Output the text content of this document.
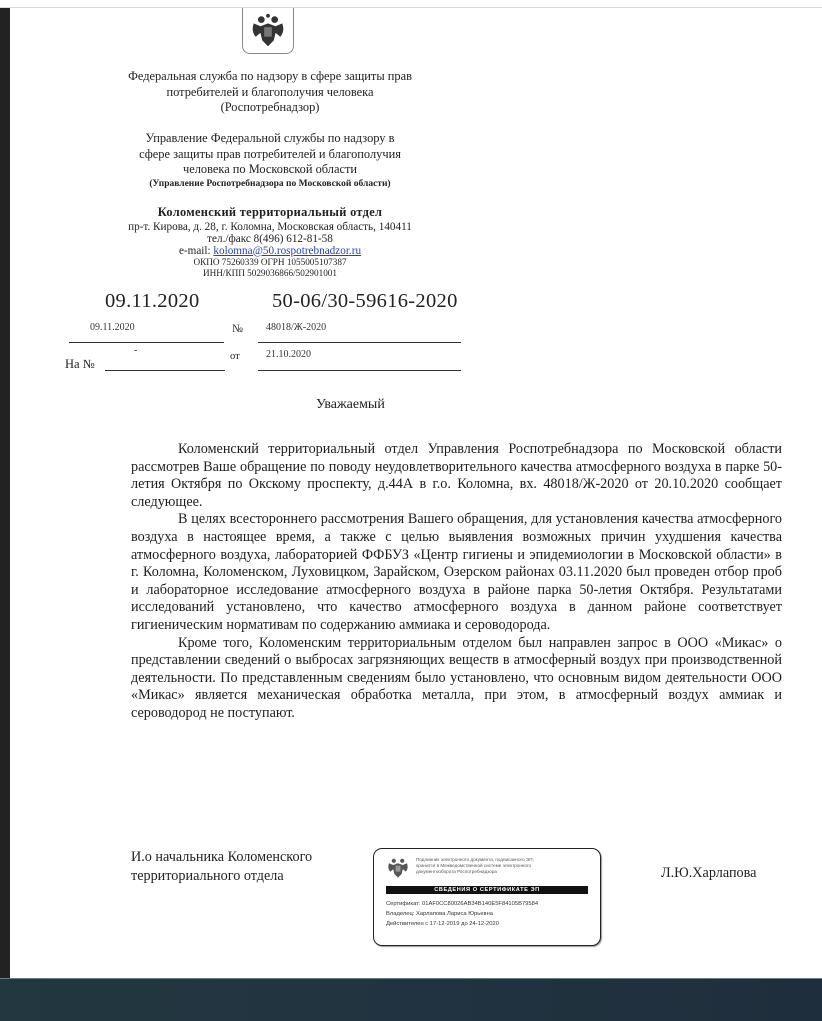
Федеральная служба по надзору в сфере защиты прав
потребителей и благополучия человека
(Роспотребнадзор)
Управление Федеральной службы по надзору в
сфере защиты прав потребителей и благополучия
человека по Московской области
(Управление Роспотребнадзора по Московской области)
Коломенский территориальный отдел
пр-т. Кирова, д. 28, г. Коломна, Московская область, 140411
тел./факс 8(496) 612-81-58
e-mail: kolomna@50.rospotrebnadzor.ru
ОКПО 75260339 ОГРН 1055005107387
ИНН/КПП 5029036866/502901001
09.11.2020	50-06/30-59616-2020
09.11.2020	№ 48018/Ж-2020
На №
-
от	21.10.2020
Уважаемый

Коломенский территориальный отдел Управления Роспотребнадзора по Московской области рассмотрев Ваше обращение по поводу неудовлетворительного качества атмосферного воздуха в парке 50-летия Октября по Окскому проспекту, д.44А в г.о. Коломна, вх. 48018/Ж-2020 от 20.10.2020 сообщает следующее.

В целях всестороннего рассмотрения Вашего обращения, для установления качества атмосферного воздуха в настоящее время, а также с целью выявления возможных причин ухудшения качества атмосферного воздуха, лабораторией ФФБУЗ «Центр гигиены и эпидемиологии в Московской области» в г. Коломна, Коломенском, Луховицком, Зарайском, Озерском районах 03.11.2020 был проведен отбор проб и лабораторное исследование атмосферного воздуха в районе парка 50-летия Октября. Результатами исследований установлено, что качество атмосферного воздуха в данном районе соответствует гигиеническим нормативам по содержанию аммиака и сероводорода.

Кроме того, Коломенским территориальным отделом был направлен запрос в ООО «Микас» о представлении сведений о выбросах загрязняющих веществ в атмосферный воздух при производственной деятельности. По представленным сведениям было установлено, что основным видом деятельности ООО «Микас» является механическая обработка металла, при этом, в атмосферный воздух аммиак и сероводород не поступают.

И.о начальника Коломенского
территориального отдела
Подлинник электронного документа, подписанного ЭП,
хранится в Межведомственной системе электронного
документооборота Роспотребнадзора
СВЕДЕНИЯ О СЕРТИФИКАТЕ ЭП
Сертификат: 01AF0CC80026AB34B140E5F84105B79584
Владелец: Харлапова Лариса Юрьевна
Действителен с 17-12-2019 до 24-12-2020
Л.Ю.Харлапова
